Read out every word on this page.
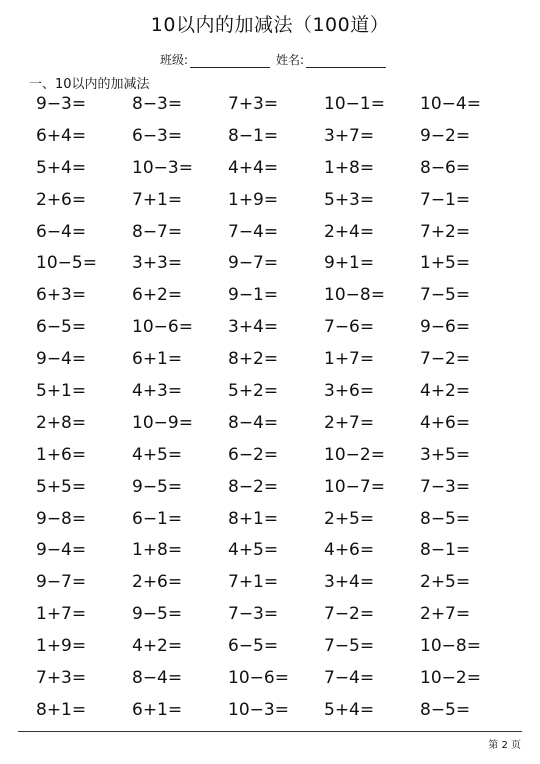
10以内的加减法（100道）
班级:	姓名:
一、10以内的加减法
9−3=	8−3=	7+3=	10−1=	10−4=
6+4=	6−3=	8−1=	3+7=	9−2=
5+4=	10−3=	4+4=	1+8=	8−6=
2+6=	7+1=	1+9=	5+3=	7−1=
6−4=	8−7=	7−4=	2+4=	7+2=
10−5=	3+3=	9−7=	9+1=	1+5=
6+3=	6+2=	9−1=	10−8=	7−5=
6−5=	10−6=	3+4=	7−6=	9−6=
9−4=	6+1=	8+2=	1+7=	7−2=
5+1=	4+3=	5+2=	3+6=	4+2=
2+8=	10−9=	8−4=	2+7=	4+6=
1+6=	4+5=	6−2=	10−2=	3+5=
5+5=	9−5=	8−2=	10−7=	7−3=
9−8=	6−1=	8+1=	2+5=	8−5=
9−4=	1+8=	4+5=	4+6=	8−1=
9−7=	2+6=	7+1=	3+4=	2+5=
1+7=	9−5=	7−3=	7−2=	2+7=
1+9=	4+2=	6−5=	7−5=	10−8=
7+3=	8−4=	10−6=	7−4=	10−2=
8+1=	6+1=	10−3=	5+4=	8−5=
第 2 页
